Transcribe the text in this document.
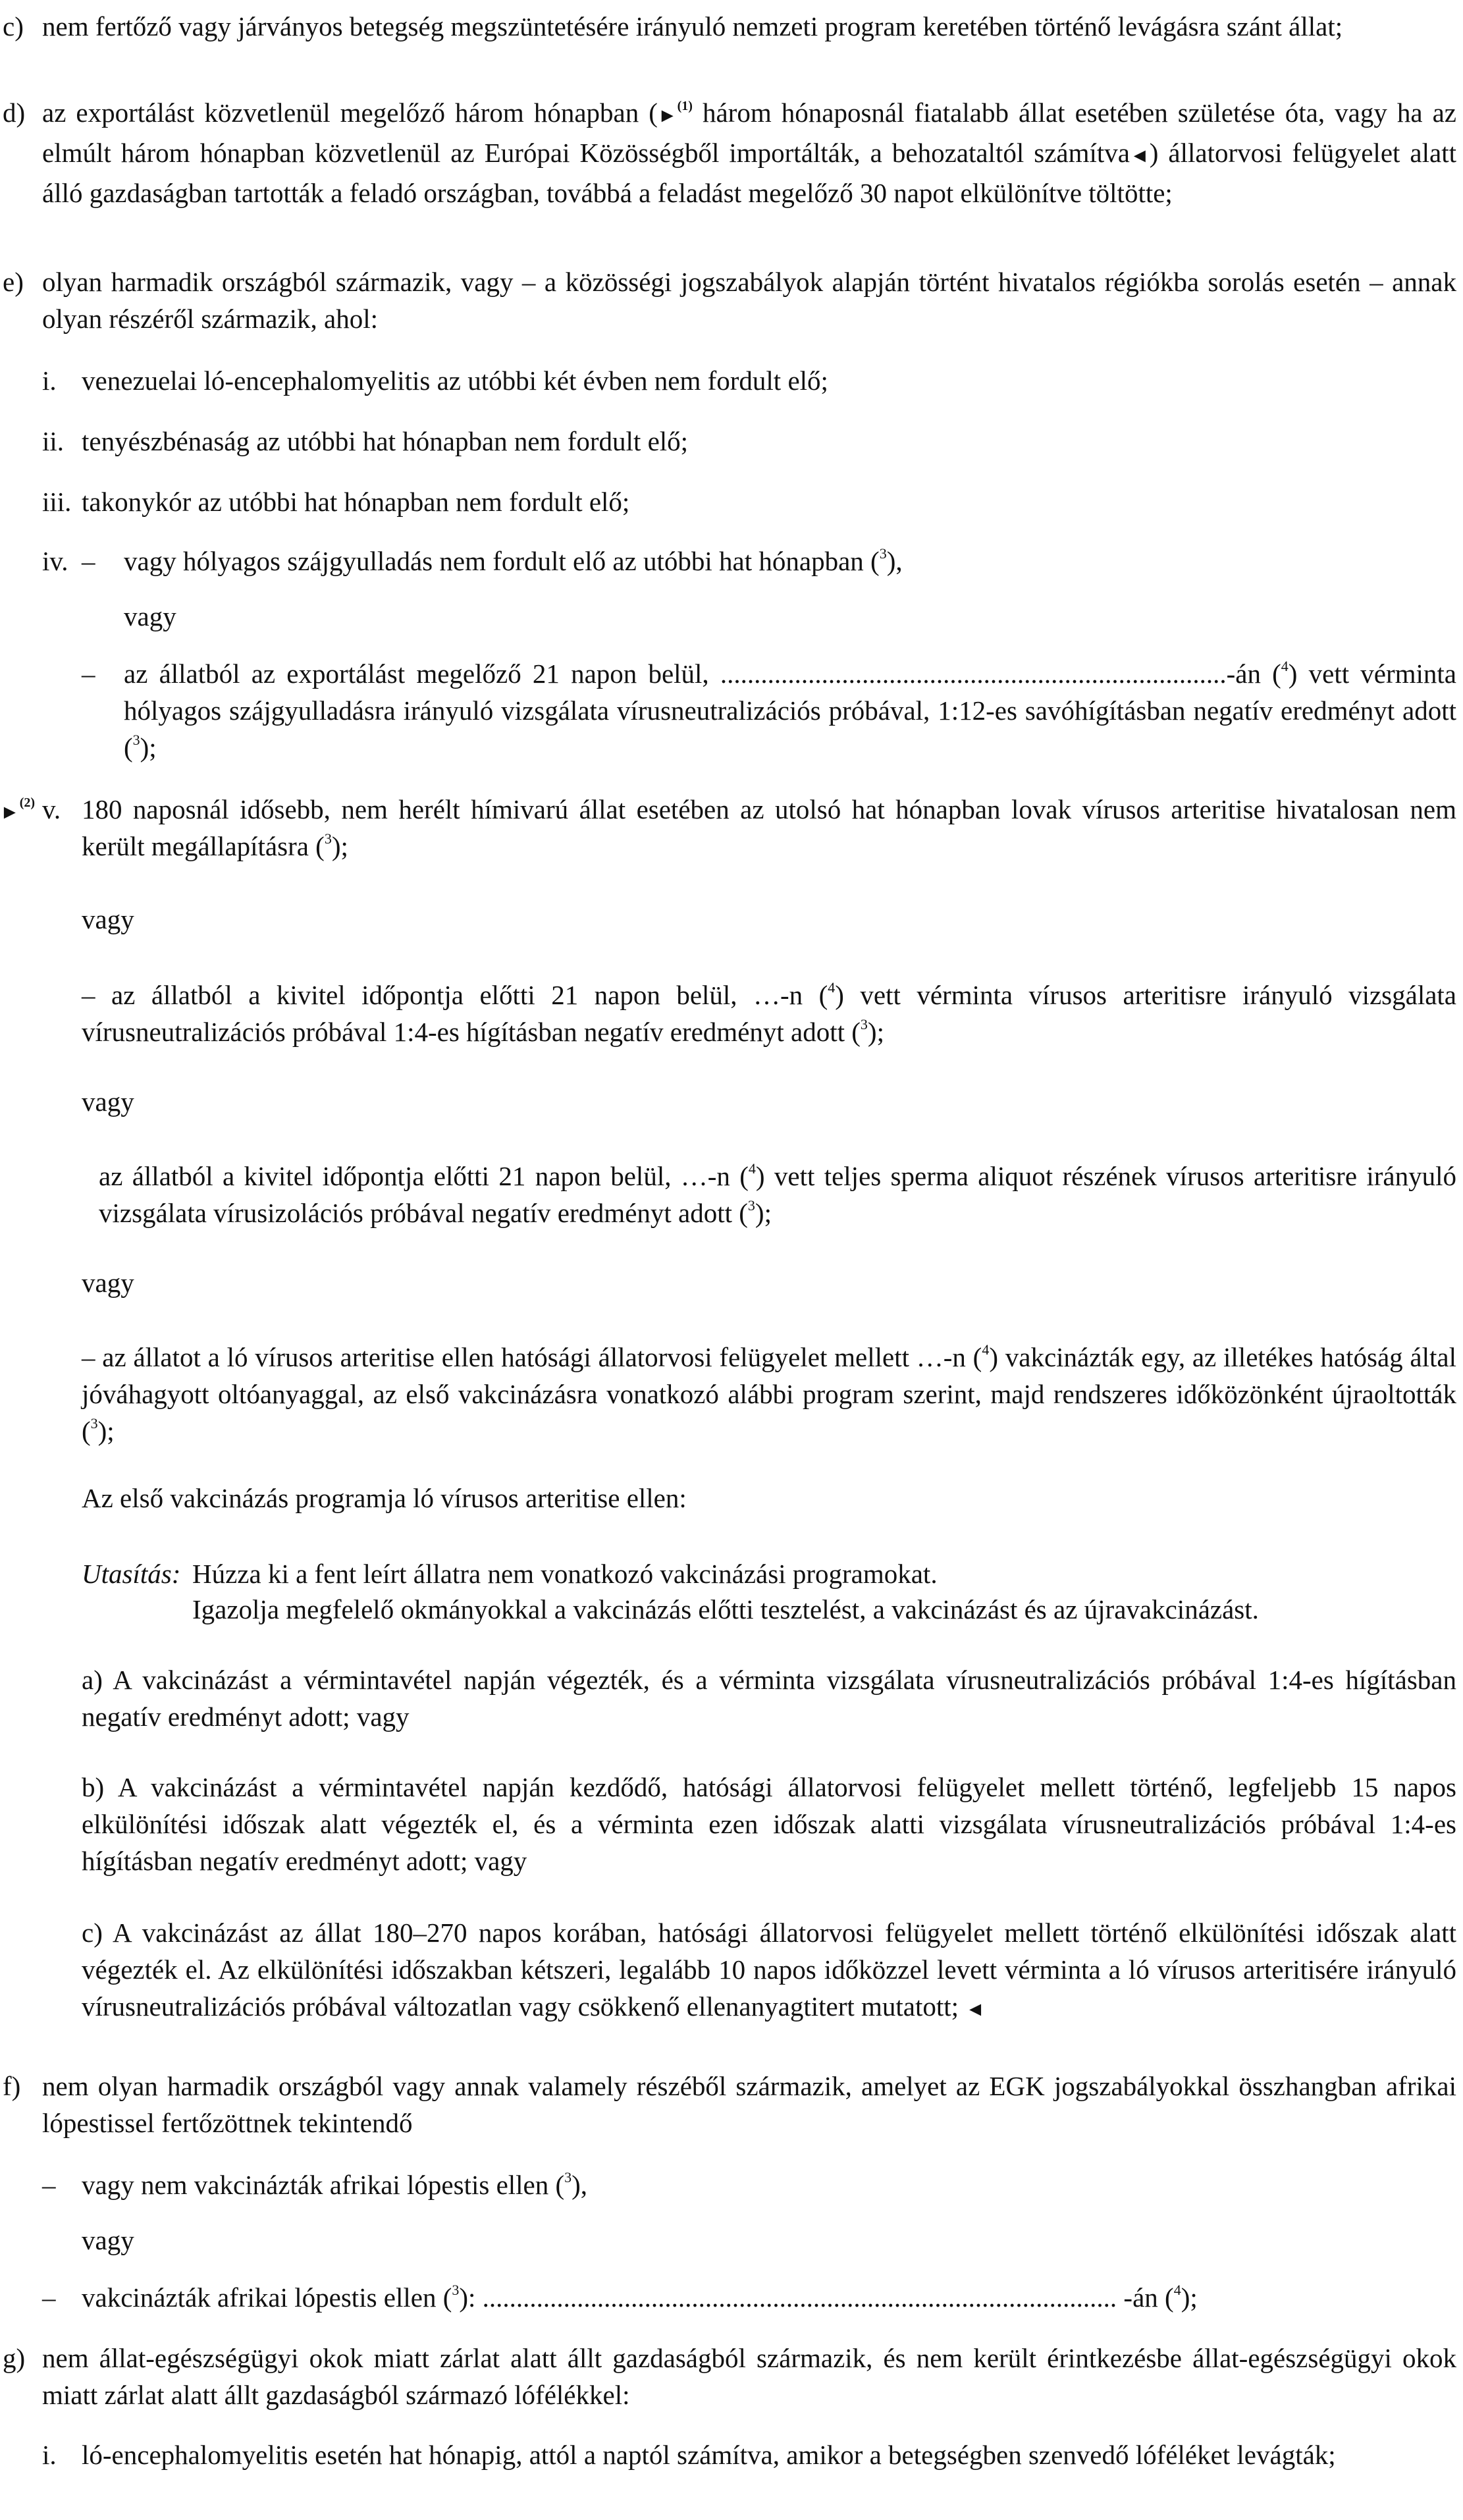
c) nem fertőző vagy járványos betegség megszüntetésére irányuló nemzeti program keretében történő levágásra szánt állat;

d) az exportálást közvetlenül megelőző három hónapban (►$^{(1)}$ három hónaposnál fiatalabb állat esetében születése óta, vagy ha az elmúlt három hónapban közvetlenül az Európai Közösségből importálták, a behozataltól számítva◄) állatorvosi felügyelet alatt álló gazdaságban tartották a feladó országban, továbbá a feladást megelőző 30 napot elkülönítve töltötte;

e) olyan harmadik országból származik, vagy – a közösségi jogszabályok alapján történt hivatalos régiókba sorolás esetén – annak olyan részéről származik, ahol:

i. venezuelai ló-encephalomyelitis az utóbbi két évben nem fordult elő;
ii. tenyészbénaság az utóbbi hat hónapban nem fordult elő;
iii. takonykór az utóbbi hat hónapban nem fordult elő;
iv. – vagy hólyagos szájgyulladás nem fordult elő az utóbbi hat hónapban ($^3$),
vagy
– az állatból az exportálást megelőző 21 napon belül, ...........................................................................-án ($^4$) vett vérminta hólyagos szájgyulladásra irányuló vizsgálata vírusneutralizációs próbával, 1:12-es savóhígításban negatív eredményt adott ($^3$);

►$^{(2)}$ v. 180 naposnál idősebb, nem herélt hímivarú állat esetében az utolsó hat hónapban lovak vírusos arteritise hivatalosan nem került megállapításra ($^3$);

vagy

– az állatból a kivitel időpontja előtti 21 napon belül, …-n ($^4$) vett vérminta vírusos arteritisre irányuló vizsgálata vírusneutralizációs próbával 1:4-es hígításban negatív eredményt adott ($^3$);

vagy

az állatból a kivitel időpontja előtti 21 napon belül, …-n ($^4$) vett teljes sperma aliquot részének vírusos arteritisre irányuló vizsgálata vírusizolációs próbával negatív eredményt adott ($^3$);

vagy

– az állatot a ló vírusos arteritise ellen hatósági állatorvosi felügyelet mellett …-n ($^4$) vakcinázták egy, az illetékes hatóság által jóváhagyott oltóanyaggal, az első vakcinázásra vonatkozó alábbi program szerint, majd rendszeres időközönként újraoltották ($^3$);

Az első vakcinázás programja ló vírusos arteritise ellen:
Utasítás: Húzza ki a fent leírt állatra nem vonatkozó vakcinázási programokat.
Igazolja megfelelő okmányokkal a vakcinázás előtti tesztelést, a vakcinázást és az újravakcinázást.

a) A vakcinázást a vérmintavétel napján végezték, és a vérminta vizsgálata vírusneutralizációs próbával 1:4-es hígításban negatív eredményt adott; vagy

b) A vakcinázást a vérmintavétel napján kezdődő, hatósági állatorvosi felügyelet mellett történő, legfeljebb 15 napos elkülönítési időszak alatt végezték el, és a vérminta ezen időszak alatti vizsgálata vírusneutralizációs próbával 1:4-es hígításban negatív eredményt adott; vagy

c) A vakcinázást az állat 180–270 napos korában, hatósági állatorvosi felügyelet mellett történő elkülönítési időszak alatt végezték el. Az elkülönítési időszakban kétszeri, legalább 10 napos időközzel levett vérminta a ló vírusos arteritisére irányuló vírusneutralizációs próbával változatlan vagy csökkenő ellenanyagtitert mutatott; ◄

f) nem olyan harmadik országból vagy annak valamely részéből származik, amelyet az EGK jogszabályokkal összhangban afrikai lópestissel fertőzöttnek tekintendő

– vagy nem vakcinázták afrikai lópestis ellen ($^3$),
vagy
– vakcinázták afrikai lópestis ellen ($^3$): .............................................................................................. -án ($^4$);
g) nem állat-egészségügyi okok miatt zárlat alatt állt gazdaságból származik, és nem került érintkezésbe állat-egészségügyi okok miatt zárlat alatt állt gazdaságból származó lófélékkel:

i. ló-encephalomyelitis esetén hat hónapig, attól a naptól számítva, amikor a betegségben szenvedő lóféléket levágták;
